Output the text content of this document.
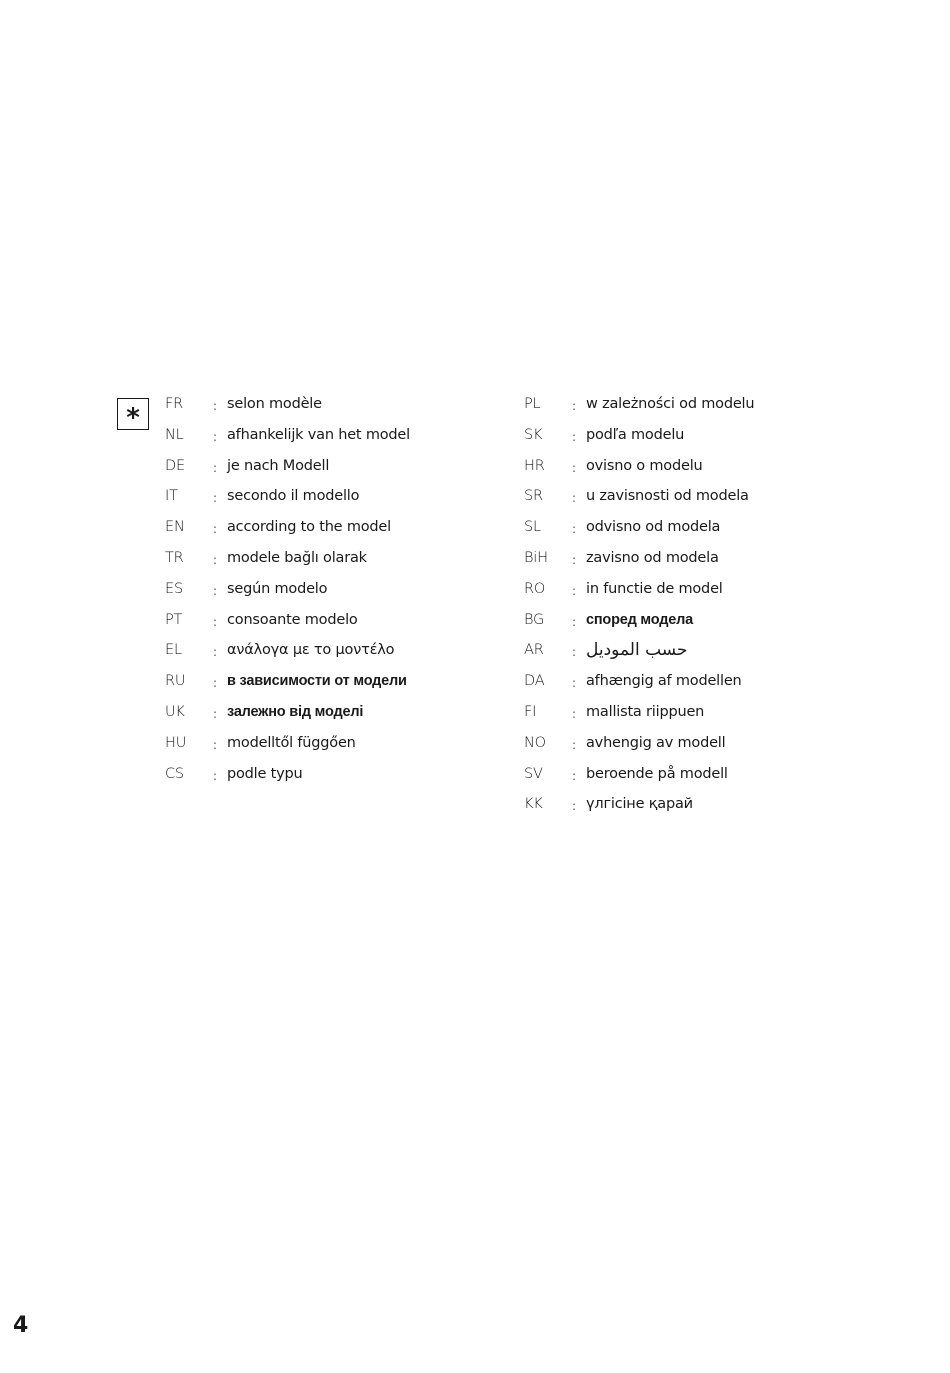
* FR : selon modèle
NL : afhankelijk van het model
DE : je nach Modell
IT	: secondo il modello
EN : according to the model
TR : modele bağlı olarak
ES	: según modelo
PT	: consoante modelo
EL	: ανάλογα με το μοντέλο
RU : в зависимости от модели
UK : залежно від моделі
HU : modelltől függően
CS : podle typu
PL	: w zależności od modelu
SK : podľa modelu
HR : ovisno o modelu
SR : u zavisnosti od modela
SL	: odvisno od modela
BiH : zavisno od modela
RO : in functie de model
BG : според модела
AR : حسب الموديل
DA : afhængig af modellen
FI	: mallista riippuen
NO : avhengig av modell
SV : beroende på modell
KK : үлгісіне қарай
4
